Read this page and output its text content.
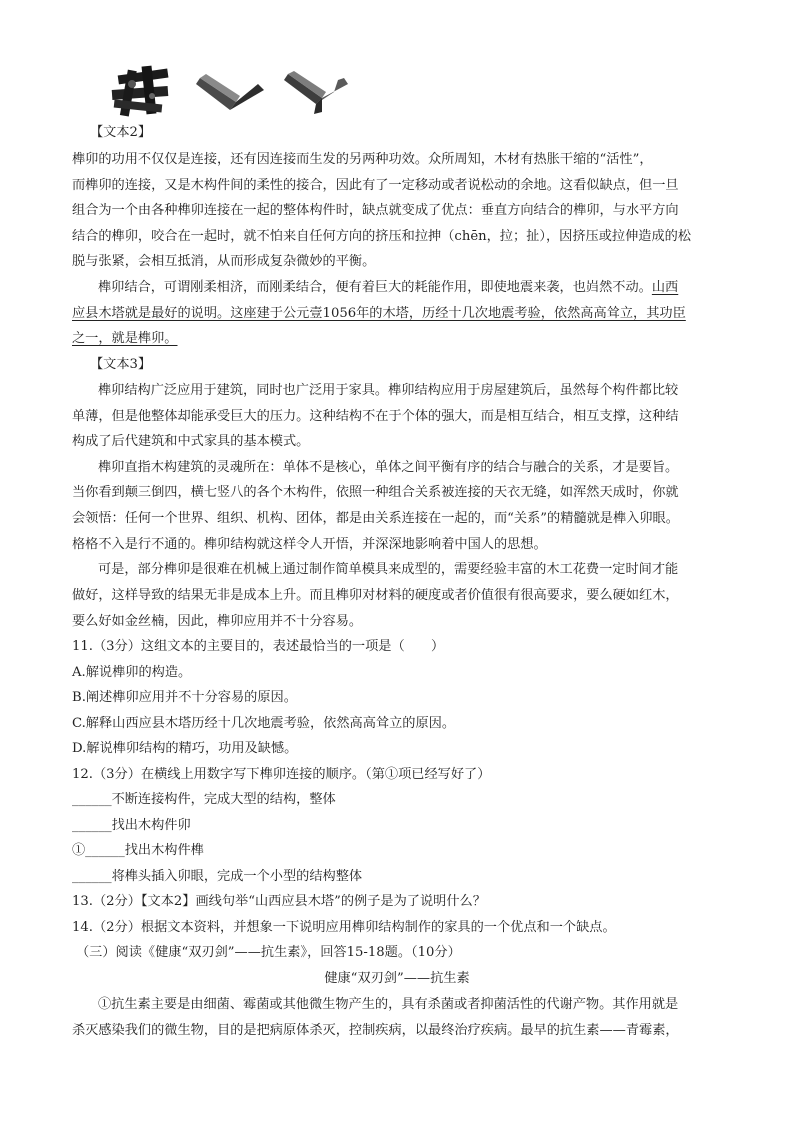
【文本2】
榫卯的功用不仅仅是连接，还有因连接而生发的另两种功效。众所周知，木材有热胀干缩的“活性”，
而榫卯的连接，又是木构件间的柔性的接合，因此有了一定移动或者说松动的余地。这看似缺点，但一旦
组合为一个由各种榫卯连接在一起的整体构件时，缺点就变成了优点：垂直方向结合的榫卯，与水平方向
结合的榫卯，咬合在一起时，就不怕来自任何方向的挤压和拉抻（chēn，拉；扯），因挤压或拉伸造成的松
脱与张紧，会相互抵消，从而形成复杂微妙的平衡。
榫卯结合，可谓刚柔相济，而刚柔结合，便有着巨大的耗能作用，即使地震来袭，也岿然不动。山西
应县木塔就是最好的说明。这座建于公元壹1056年的木塔，历经十几次地震考验，依然高高耸立，其功臣
之一，就是榫卯。
【文本3】
榫卯结构广泛应用于建筑，同时也广泛用于家具。榫卯结构应用于房屋建筑后，虽然每个构件都比较
单薄，但是他整体却能承受巨大的压力。这种结构不在于个体的强大，而是相互结合，相互支撑，这种结
构成了后代建筑和中式家具的基本模式。
榫卯直指木构建筑的灵魂所在：单体不是核心，单体之间平衡有序的结合与融合的关系，才是要旨。
当你看到颠三倒四，横七竖八的各个木构件，依照一种组合关系被连接的天衣无缝，如浑然天成时，你就
会领悟：任何一个世界、组织、机构、团体，都是由关系连接在一起的，而“关系”的精髓就是榫入卯眼。
格格不入是行不通的。榫卯结构就这样令人开悟，并深深地影响着中国人的思想。
可是，部分榫卯是很难在机械上通过制作简单模具来成型的，需要经验丰富的木工花费一定时间才能
做好，这样导致的结果无非是成本上升。而且榫卯对材料的硬度或者价值很有很高要求，要么硬如红木，
要么好如金丝楠，因此，榫卯应用并不十分容易。
11.（3分）这组文本的主要目的，表述最恰当的一项是（　　）
A.解说榫卯的构造。
B.阐述榫卯应用并不十分容易的原因。
C.解释山西应县木塔历经十几次地震考验，依然高高耸立的原因。
D.解说榫卯结构的精巧，功用及缺憾。
12.（3分）在横线上用数字写下榫卯连接的顺序。（第①项已经写好了）
______不断连接构件，完成大型的结构，整体
______找出木构件卯
①______找出木构件榫
______将榫头插入卯眼，完成一个小型的结构整体
13.（2分）【文本2】画线句举“山西应县木塔”的例子是为了说明什么？
14.（2分）根据文本资料，并想象一下说明应用榫卯结构制作的家具的一个优点和一个缺点。
（三）阅读《健康“双刃剑”——抗生素》，回答15-18题。（10分）
健康“双刃剑”——抗生素
①抗生素主要是由细菌、霉菌或其他微生物产生的，具有杀菌或者抑菌活性的代谢产物。其作用就是
杀灭感染我们的微生物，目的是把病原体杀灭，控制疾病，以最终治疗疾病。最早的抗生素——青霉素，
